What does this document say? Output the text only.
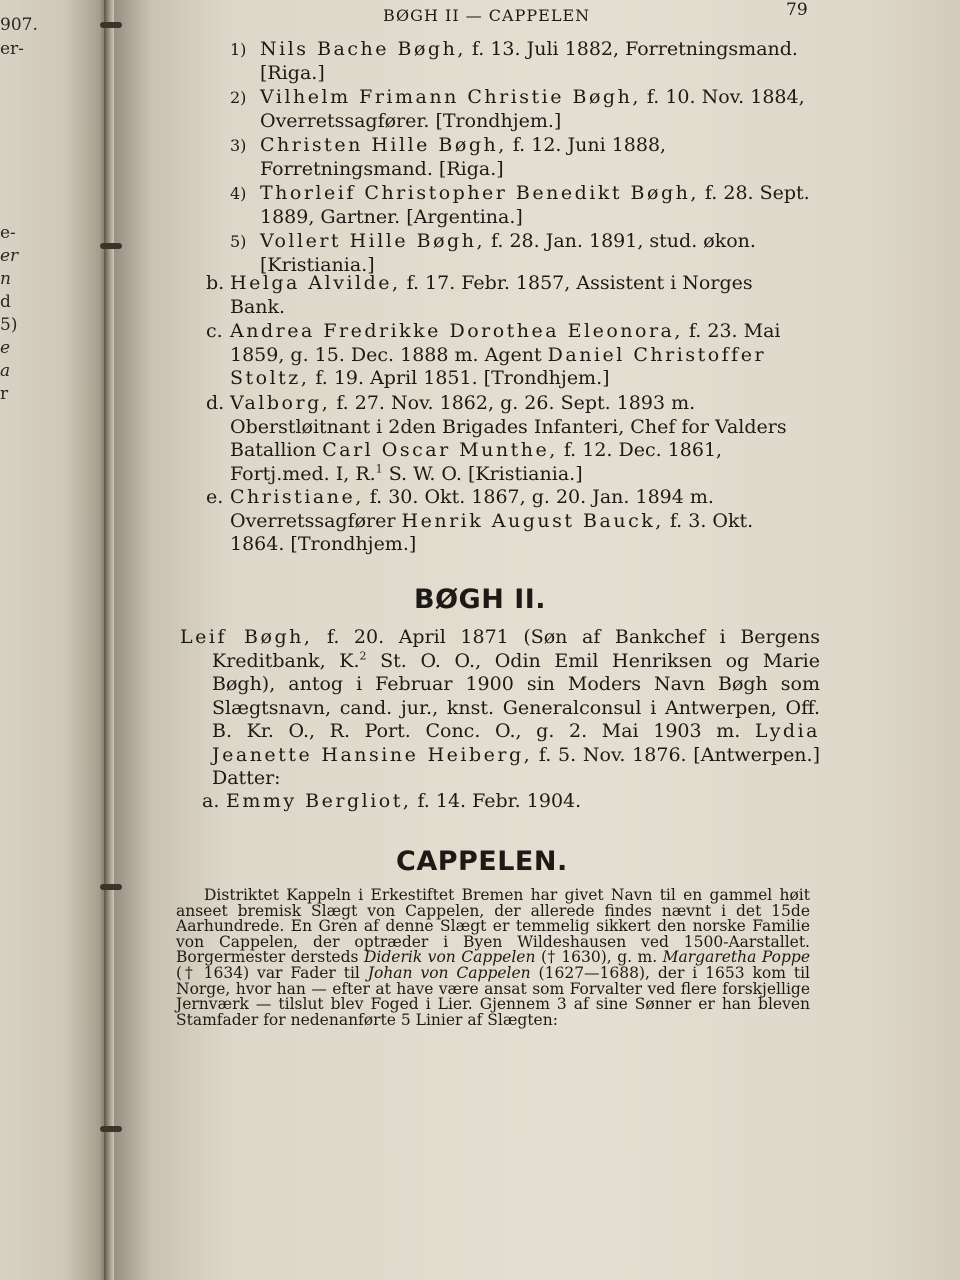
907.
er-
e-
er
n
d
5)
e
a
r
BØGH II — CAPPELEN	79
1) Nils Bache Bøgh, f. 13. Juli 1882, Forretningsmand. [Riga.]
2) Vilhelm Frimann Christie Bøgh, f. 10. Nov. 1884, Overretssagfører. [Trondhjem.]
3) Christen Hille Bøgh, f. 12. Juni 1888, Forretningsmand. [Riga.]
4) Thorleif Christopher Benedikt Bøgh, f. 28. Sept. 1889, Gartner. [Argentina.]
5) Vollert Hille Bøgh, f. 28. Jan. 1891, stud. økon. [Kristiania.]
b. Helga Alvilde, f. 17. Febr. 1857, Assistent i Norges Bank.
c. Andrea Fredrikke Dorothea Eleonora, f. 23. Mai 1859, g. 15. Dec. 1888 m. Agent Daniel Christoffer Stoltz, f. 19. April 1851. [Trondhjem.]
d. Valborg, f. 27. Nov. 1862, g. 26. Sept. 1893 m. Oberstløitnant i 2den Brigades Infanteri, Chef for Valders Batallion Carl Oscar Munthe, f. 12. Dec. 1861, Fortj.med. I, R.$^1$ S. W. O. [Kristiania.]
e. Christiane, f. 30. Okt. 1867, g. 20. Jan. 1894 m. Overretssagfører Henrik August Bauck, f. 3. Okt. 1864. [Trondhjem.]
BØGH II.
Leif Bøgh, f. 20. April 1871 (Søn af Bankchef i Bergens Kreditbank, K.$^2$ St. O. O., Odin Emil Henriksen og Marie Bøgh), antog i Februar 1900 sin Moders Navn Bøgh som Slægtsnavn, cand. jur., knst. Generalconsul i Antwerpen, Off. B. Kr. O., R. Port. Conc. O., g. 2. Mai 1903 m. Lydia Jeanette Hansine Heiberg, f. 5. Nov. 1876. [Antwerpen.] Datter:
a. Emmy Bergliot, f. 14. Febr. 1904.
CAPPELEN.
Distriktet Kappeln i Erkestiftet Bremen har givet Navn til en gammel høit anseet bremisk Slægt von Cappelen, der allerede findes nævnt i det 15de Aarhundrede. En Gren af denne Slægt er temmelig sikkert den norske Familie von Cappelen, der optræder i Byen Wildeshausen ved 1500-Aarstallet. Borgermester dersteds Diderik von Cappelen († 1630), g. m. Margaretha Poppe († 1634) var Fader til Johan von Cappelen (1627—1688), der i 1653 kom til Norge, hvor han — efter at have være ansat som Forvalter ved flere forskjellige Jernværk — tilslut blev Foged i Lier. Gjennem 3 af sine Sønner er han bleven Stamfader for nedenanførte 5 Linier af Slægten:
